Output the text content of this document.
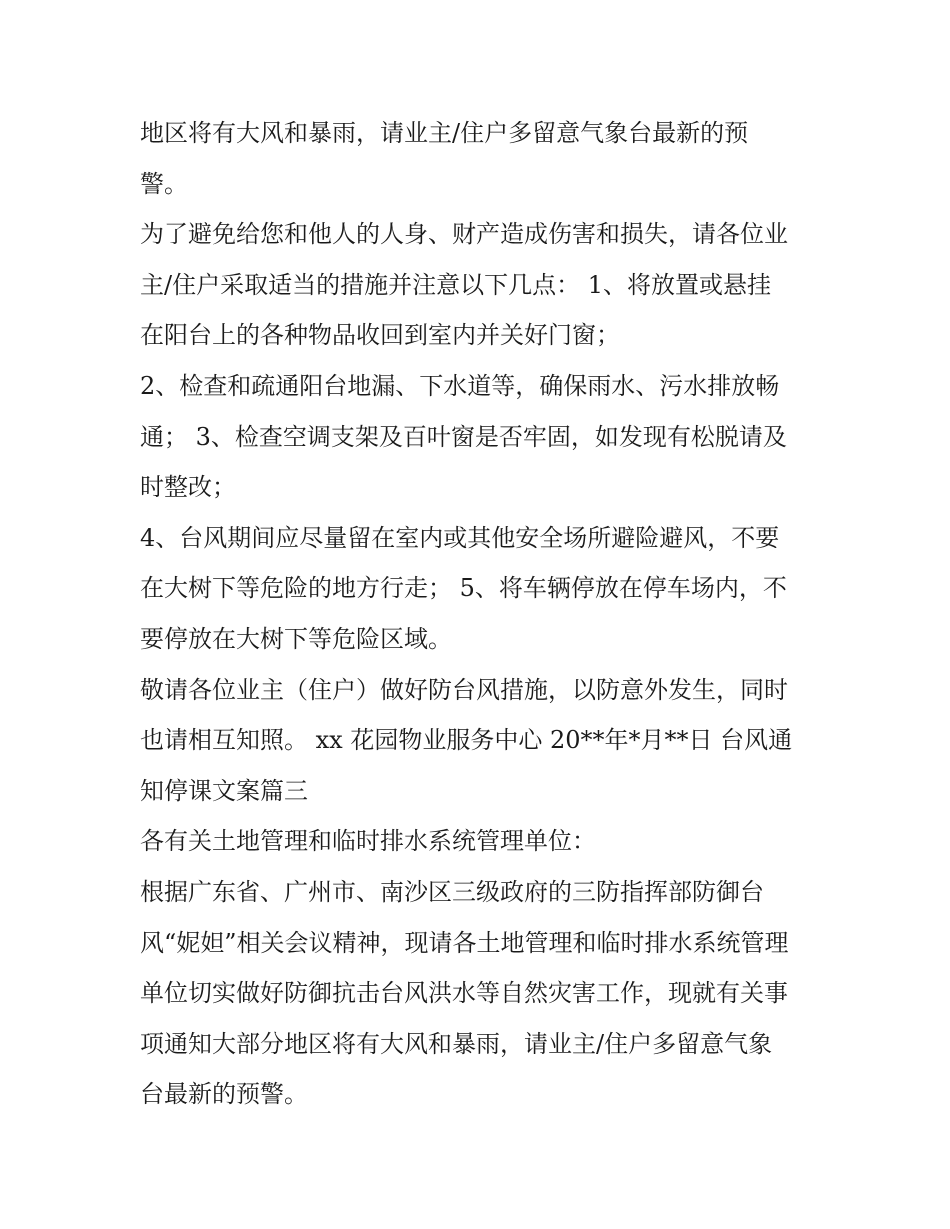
地区将有大风和暴雨，请业主/住户多留意气象台最新的预
警。
为了避免给您和他人的人身、财产造成伤害和损失，请各位业
主/住户采取适当的措施并注意以下几点： 1、将放置或悬挂
在阳台上的各种物品收回到室内并关好门窗；
2、检查和疏通阳台地漏、下水道等，确保雨水、污水排放畅
通； 3、检查空调支架及百叶窗是否牢固，如发现有松脱请及
时整改；
4、台风期间应尽量留在室内或其他安全场所避险避风，不要
在大树下等危险的地方行走； 5、将车辆停放在停车场内，不
要停放在大树下等危险区域。
敬请各位业主（住户）做好防台风措施，以防意外发生，同时
也请相互知照。 xx 花园物业服务中心 20**年*月**日 台风通
知停课文案篇三
各有关土地管理和临时排水系统管理单位：
根据广东省、广州市、南沙区三级政府的三防指挥部防御台
风“妮妲”相关会议精神，现请各土地管理和临时排水系统管理
单位切实做好防御抗击台风洪水等自然灾害工作，现就有关事
项通知大部分地区将有大风和暴雨，请业主/住户多留意气象
台最新的预警。
